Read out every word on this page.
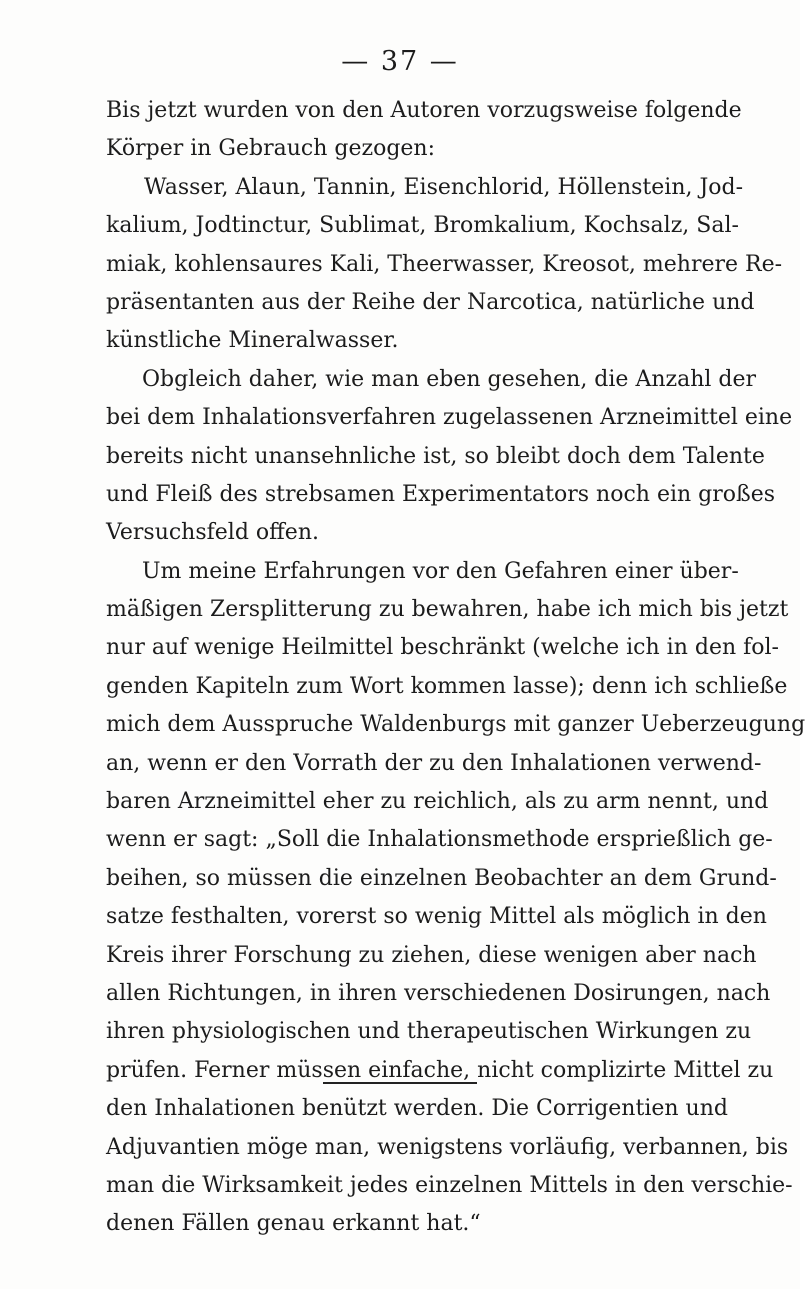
— 37 —
Bis jetzt wurden von den Autoren vorzugsweise folgende
Körper in Gebrauch gezogen:
Wasser, Alaun, Tannin, Eisenchlorid, Höllenstein, Jod-
kalium, Jodtinctur, Sublimat, Bromkalium, Kochsalz, Sal-
miak, kohlensaures Kali, Theerwasser, Kreosot, mehrere Re-
präsentanten aus der Reihe der Narcotica, natürliche und
künstliche Mineralwasser.
Obgleich daher, wie man eben gesehen, die Anzahl der
bei dem Inhalationsverfahren zugelassenen Arzneimittel eine
bereits nicht unansehnliche ist, so bleibt doch dem Talente
und Fleiß des strebsamen Experimentators noch ein großes
Versuchsfeld offen.
Um meine Erfahrungen vor den Gefahren einer über-
mäßigen Zersplitterung zu bewahren, habe ich mich bis jetzt
nur auf wenige Heilmittel beschränkt (welche ich in den fol-
genden Kapiteln zum Wort kommen lasse); denn ich schließe
mich dem Ausspruche Waldenburgs mit ganzer Ueberzeugung
an, wenn er den Vorrath der zu den Inhalationen verwend-
baren Arzneimittel eher zu reichlich, als zu arm nennt, und
wenn er sagt: „Soll die Inhalationsmethode ersprießlich ge-
beihen, so müssen die einzelnen Beobachter an dem Grund-
satze festhalten, vorerst so wenig Mittel als möglich in den
Kreis ihrer Forschung zu ziehen, diese wenigen aber nach
allen Richtungen, in ihren verschiedenen Dosirungen, nach
ihren physiologischen und therapeutischen Wirkungen zu
prüfen. Ferner müssen einfache, nicht complizirte Mittel zu
den Inhalationen benützt werden. Die Corrigentien und
Adjuvantien möge man, wenigstens vorläufig, verbannen, bis
man die Wirksamkeit jedes einzelnen Mittels in den verschie-
denen Fällen genau erkannt hat.“
